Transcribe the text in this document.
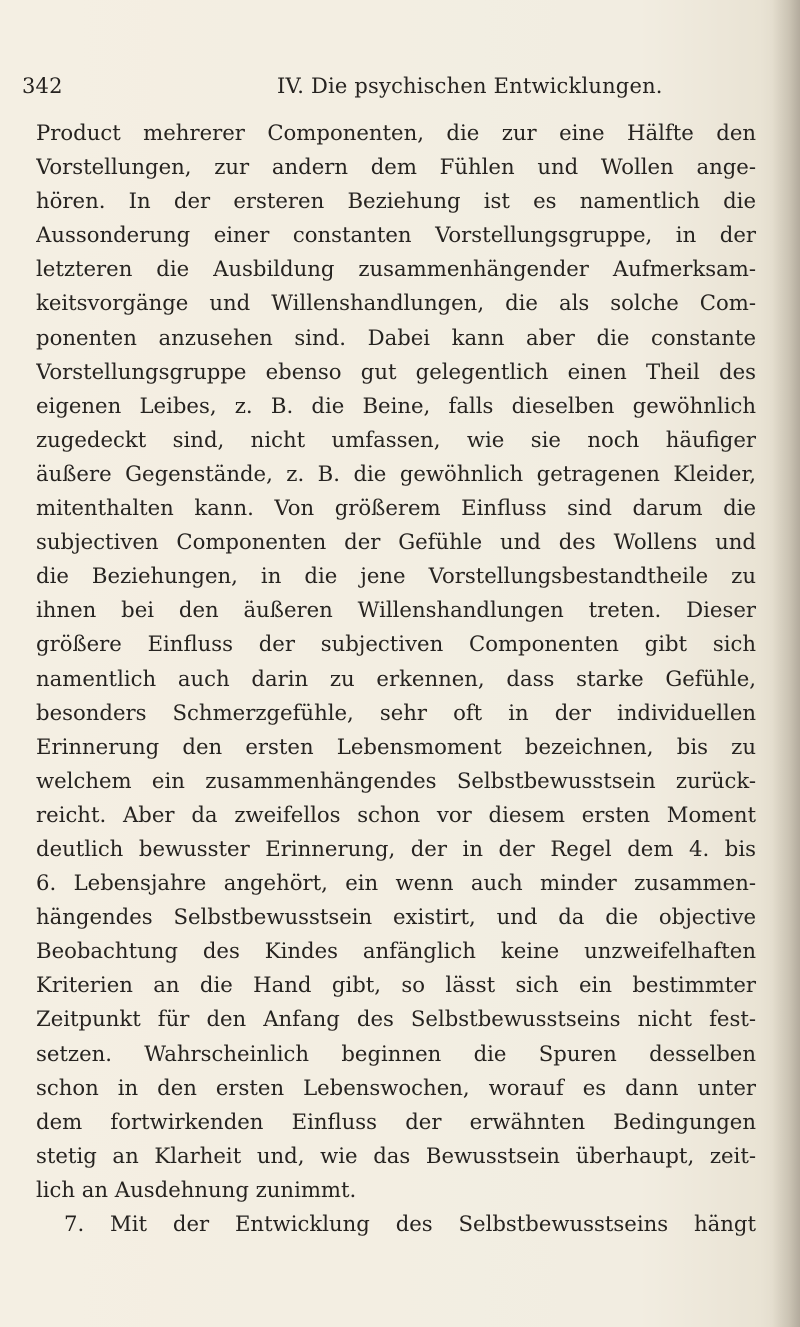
342	IV. Die psychischen Entwicklungen.
Product mehrerer Componenten, die zur eine Hälfte den
Vorstellungen, zur andern dem Fühlen und Wollen ange-
hören. In der ersteren Beziehung ist es namentlich die
Aussonderung einer constanten Vorstellungsgruppe, in der
letzteren die Ausbildung zusammenhängender Aufmerksam-
keitsvorgänge und Willenshandlungen, die als solche Com-
ponenten anzusehen sind. Dabei kann aber die constante
Vorstellungsgruppe ebenso gut gelegentlich einen Theil des
eigenen Leibes, z. B. die Beine, falls dieselben gewöhnlich
zugedeckt sind, nicht umfassen, wie sie noch häufiger
äußere Gegenstände, z. B. die gewöhnlich getragenen Kleider,
mitenthalten kann. Von größerem Einfluss sind darum die
subjectiven Componenten der Gefühle und des Wollens und
die Beziehungen, in die jene Vorstellungsbestandtheile zu
ihnen bei den äußeren Willenshandlungen treten. Dieser
größere Einfluss der subjectiven Componenten gibt sich
namentlich auch darin zu erkennen, dass starke Gefühle,
besonders Schmerzgefühle, sehr oft in der individuellen
Erinnerung den ersten Lebensmoment bezeichnen, bis zu
welchem ein zusammenhängendes Selbstbewusstsein zurück-
reicht. Aber da zweifellos schon vor diesem ersten Moment
deutlich bewusster Erinnerung, der in der Regel dem 4. bis
6. Lebensjahre angehört, ein wenn auch minder zusammen-
hängendes Selbstbewusstsein existirt, und da die objective
Beobachtung des Kindes anfänglich keine unzweifelhaften
Kriterien an die Hand gibt, so lässt sich ein bestimmter
Zeitpunkt für den Anfang des Selbstbewusstseins nicht fest-
setzen. Wahrscheinlich beginnen die Spuren desselben
schon in den ersten Lebenswochen, worauf es dann unter
dem fortwirkenden Einfluss der erwähnten Bedingungen
stetig an Klarheit und, wie das Bewusstsein überhaupt, zeit-
lich an Ausdehnung zunimmt.
7. Mit der Entwicklung des Selbstbewusstseins hängt
